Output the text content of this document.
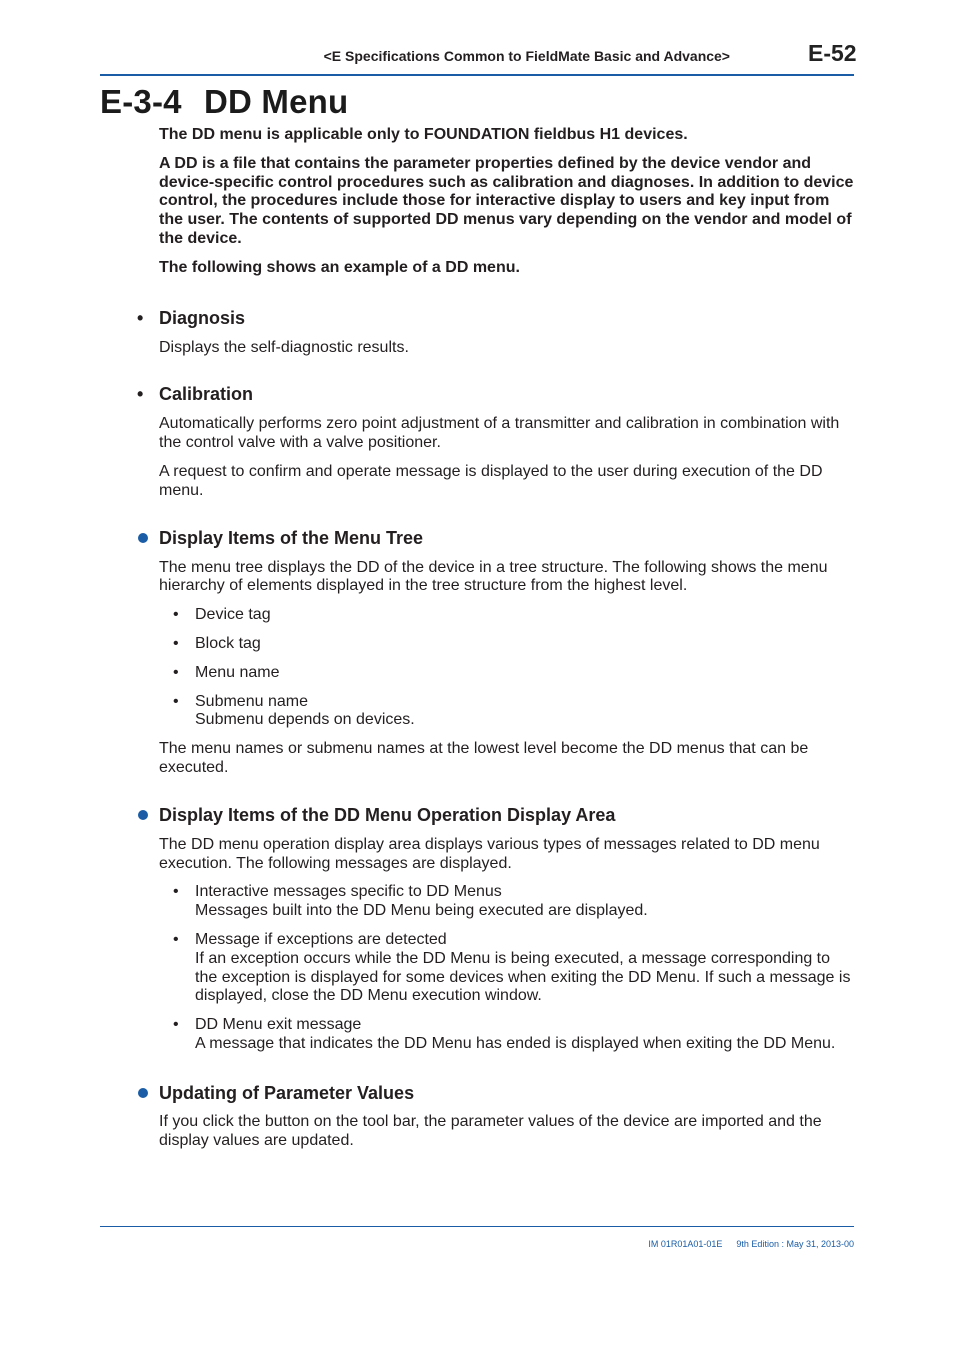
<E Specifications Common to FieldMate Basic and Advance>	E-52
E-3-4 DD Menu

The DD menu is applicable only to FOUNDATION fieldbus H1 devices.

A DD is a file that contains the parameter properties defined by the device vendor and device-specific control procedures such as calibration and diagnoses. In addition to device control, the procedures include those for interactive display to users and key input from the user. The contents of supported DD menus vary depending on the vendor and model of the device.

The following shows an example of a DD menu.

• Diagnosis

Displays the self-diagnostic results.

• Calibration

Automatically performs zero point adjustment of a transmitter and calibration in combination with the control valve with a valve positioner.

A request to confirm and operate message is displayed to the user during execution of the DD menu.

Display Items of the Menu Tree

The menu tree displays the DD of the device in a tree structure. The following shows the menu hierarchy of elements displayed in the tree structure from the highest level.

• Device tag
• Block tag
• Menu name
• Submenu name
Submenu depends on devices.

The menu names or submenu names at the lowest level become the DD menus that can be executed.

Display Items of the DD Menu Operation Display Area

The DD menu operation display area displays various types of messages related to DD menu execution. The following messages are displayed.

• Interactive messages specific to DD Menus
Messages built into the DD Menu being executed are displayed.
• Message if exceptions are detected
If an exception occurs while the DD Menu is being executed, a message corresponding to the exception is displayed for some devices when exiting the DD Menu. If such a message is displayed, close the DD Menu execution window.
• DD Menu exit message
A message that indicates the DD Menu has ended is displayed when exiting the DD Menu.
Updating of Parameter Values

If you click the button on the tool bar, the parameter values of the device are imported and the display values are updated.

IM 01R01A01-01E 9th Edition : May 31, 2013-00
